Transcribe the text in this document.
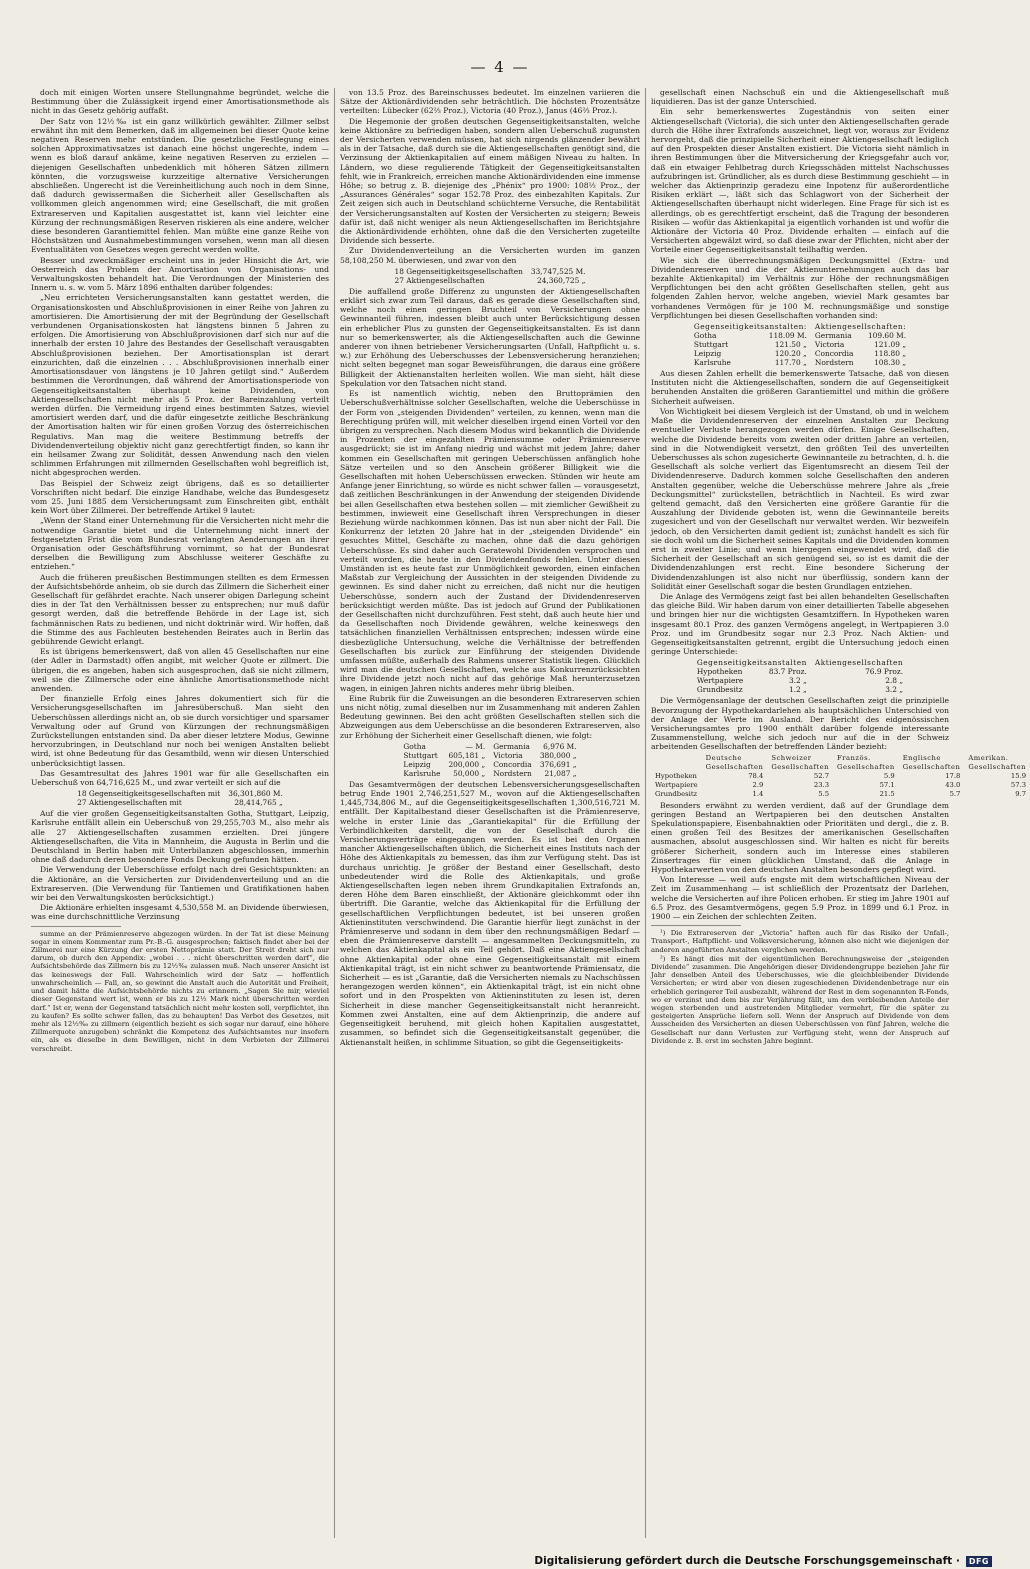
— 4 —

doch mit einigen Worten unsere Stellungnahme begründet, welche die Bestimmung über die Zulässigkeit irgend einer Amortisationsmethode als nicht in das Gesetz gehörig auffaßt.

Der Satz von 12½‰ ist ein ganz willkürlich gewählter. Zillmer selbst erwähnt ihn mit dem Bemerken, daß im allgemeinen bei dieser Quote keine negativen Reserven mehr entstünden. Die gesetzliche Festlegung eines solchen Approximativsatzes ist danach eine höchst ungerechte, indem — wenn es bloß darauf ankäme, keine negativen Reserven zu erzielen — diejenigen Gesellschaften unbedenklich mit höheren Sätzen zillmern könnten, die vorzugsweise kurzzeitige alternative Versicherungen abschließen. Ungerecht ist die Vereinheitlichung auch noch in dem Sinne, daß dadurch gewissermaßen die Sicherheit aller Gesellschaften als vollkommen gleich angenommen wird; eine Gesellschaft, die mit großen Extrareserven und Kapitalien ausgestattet ist, kann viel leichter eine Kürzung der rechnungsmäßigen Reserven riskieren als eine andere, welcher diese besonderen Garantiemittel fehlen. Man müßte eine ganze Reihe von Höchstsätzen und Ausnahmebestimmungen vorsehen, wenn man all diesen Eventualitäten von Gesetzes wegen gerecht werden wollte.

Besser und zweckmäßiger erscheint uns in jeder Hinsicht die Art, wie Oesterreich das Problem der Amortisation von Organisations- und Verwaltungskosten behandelt hat. Die Verordnungen der Ministerien des Innern u. s. w. vom 5. März 1896 enthalten darüber folgendes:

„Neu errichteten Versicherungsanstalten kann gestattet werden, die Organisationskosten und Abschlußprovisionen in einer Reihe von Jahren zu amortisieren. Die Amortisierung der mit der Begründung der Gesellschaft verbundenen Organisationskosten hat längstens binnen 5 Jahren zu erfolgen. Die Amortisierung von Abschlußprovisionen darf sich nur auf die innerhalb der ersten 10 Jahre des Bestandes der Gesellschaft verausgabten Abschlußprovisionen beziehen. Der Amortisationsplan ist derart einzurichten, daß die einzelnen . . . Abschlußprovisionen innerhalb einer Amortisationsdauer von längstens je 10 Jahren getilgt sind.“ Außerdem bestimmen die Verordnungen, daß während der Amortisationsperiode von Gegenseitigkeitsanstalten überhaupt keine Dividenden, von Aktiengesellschaften nicht mehr als 5 Proz. der Bareinzahlung verteilt werden dürfen. Die Vermeidung irgend eines bestimmten Satzes, wieviel amortisiert werden darf, und die dafür eingesetzte zeitliche Beschränkung der Amortisation halten wir für einen großen Vorzug des österreichischen Regulativs. Man mag die weitere Bestimmung betreffs der Dividendenverteilung objektiv nicht ganz gerechtfertigt finden, so kann ihr ein heilsamer Zwang zur Solidität, dessen Anwendung nach den vielen schlimmen Erfahrungen mit zillmernden Gesellschaften wohl begreiflich ist, nicht abgesprochen werden.

Das Beispiel der Schweiz zeigt übrigens, daß es so detaillierter Vorschriften nicht bedarf. Die einzige Handhabe, welche das Bundesgesetz vom 25. Juni 1885 dem Versicherungsamt zum Einschreiten gibt, enthält kein Wort über Zillmerei. Der betreffende Artikel 9 lautet:

„Wenn der Stand einer Unternehmung für die Versicherten nicht mehr die notwendige Garantie bietet und die Unternehmung nicht innert der festgesetzten Frist die vom Bundesrat verlangten Aenderungen an ihrer Organisation oder Geschäftsführung vornimmt, so hat der Bundesrat derselben die Bewilligung zum Abschlusse weiterer Geschäfte zu entziehen.“

Auch die früheren preußischen Bestimmungen stellten es dem Ermessen der Aufsichtsbehörde anheim, ob sie durch das Zillmern die Sicherheit einer Gesellschaft für gefährdet erachte. Nach unserer obigen Darlegung scheint dies in der Tat den Verhältnissen besser zu entsprechen; nur muß dafür gesorgt werden, daß die betreffende Behörde in der Lage ist, sich fachmännischen Rats zu bedienen, und nicht doktrinär wird. Wir hoffen, daß die Stimme des aus Fachleuten bestehenden Beirates auch in Berlin das gebührende Gewicht erlangt.

Es ist übrigens bemerkenswert, daß von allen 45 Gesellschaften nur eine (der Adler in Darmstadt) offen angibt, mit welcher Quote er zillmert. Die übrigen, die es angeben, haben sich ausgesprochen, daß sie nicht zillmern, weil sie die Zillmersche oder eine ähnliche Amortisationsmethode nicht anwenden.

Der finanzielle Erfolg eines Jahres dokumentiert sich für die Versicherungsgesellschaften im Jahresüberschuß. Man sieht den Ueberschüssen allerdings nicht an, ob sie durch vorsichtiger und sparsamer Verwaltung oder auf Grund von Kürzungen der rechnungsmäßigen Zurückstellungen entstanden sind. Da aber dieser letztere Modus, Gewinne hervorzubringen, in Deutschland nur noch bei wenigen Anstalten beliebt wird, ist ohne Bedeutung für das Gesamtbild, wenn wir diesen Unterschied unberücksichtigt lassen.

Das Gesamtresultat des Jahres 1901 war für alle Gesellschaften ein Ueberschuß von 64,716,625 M., und zwar verteilt er sich auf die

18 Gegenseitigkeitsgesellschaften mit	36,301,860 M.
27 Aktiengesellschaften mit	28,414,765 „

Auf die vier großen Gegenseitigkeitsanstalten Gotha, Stuttgart, Leipzig, Karlsruhe entfällt allein ein Ueberschuß von 29,255,703 M., also mehr als alle 27 Aktiengesellschaften zusammen erzielten. Drei jüngere Aktiengesellschaften, die Vita in Mannheim, die Augusta in Berlin und die Deutschland in Berlin haben mit Unterbilanzen abgeschlossen, immerhin ohne daß dadurch deren besondere Fonds Deckung gefunden hätten.

Die Verwendung der Ueberschüsse erfolgt nach drei Gesichtspunkten: an die Aktionäre, an die Versicherten zur Dividendenverteilung und an die Extrareserven. (Die Verwendung für Tantiemen und Gratifikationen haben wir bei den Verwaltungskosten berücksichtigt.)

Die Aktionäre erhielten insgesamt 4,530,558 M. an Dividende überwiesen, was eine durchschnittliche Verzinsung

summe an der Prämienreserve abgezogen würden. In der Tat ist diese Meinung sogar in einem Kommentar zum Pr.-B.-G. ausgesprochen; faktisch findet aber bei der Zillmerei nur eine Kürzung der ersten Nettoprämie statt. Der Streit dreht sich nur darum, ob durch den Appendix: „wobei . . . nicht überschritten werden darf“, die Aufsichtsbehörde das Zillmern bis zu 12½‰ zulassen muß. Nach unserer Ansicht ist das keineswegs der Fall. Wahrscheinlich wird der Satz — hoffentlich unwahrscheinlich — Fall, an, so gewinnt die Anstalt auch die Autorität und Freiheit, und damit hätte die Aufsichtsbehörde nichts zu erinnern. „Sagen Sie mir, wieviel dieser Gegenstand wert ist, wenn er bis zu 12½ Mark nicht überschritten werden darf.“ Ist er, wenn der Gegenstand tatsächlich nicht mehr kosten soll, verpflichtet, ihn zu kaufen? Es sollte schwer fallen, das zu behaupten! Das Verbot des Gesetzes, mit mehr als 12½‰ zu zillmern (eigentlich bezieht es sich sogar nur darauf, eine höhere Zillmerquote anzugeben) schränkt die Kompetenz des Aufsichtsamtes nur insofern ein, als es dieselbe in dem Bewilligen, nicht in dem Verbieten der Zillmerei verschreibt.

von 13.5 Proz. des Bareinschusses bedeutet. Im einzelnen variieren die Sätze der Aktionärdividenden sehr beträchtlich. Die höchsten Prozentsätze verteilten: Lübecker (62⅔ Proz.), Victoria (40 Proz.), Janus (46⅔ Proz.).

Die Hegemonie der großen deutschen Gegenseitigkeitsanstalten, welche keine Aktionäre zu befriedigen haben, sondern allen Ueberschuß zugunsten der Versicherten verwenden müssen, hat sich nirgends glänzender bewährt als in der Tatsache, daß durch sie die Aktiengesellschaften genötigt sind, die Verzinsung der Aktienkapitalien auf einem mäßigen Niveau zu halten. In Ländern, wo diese regulierende Tätigkeit der Gegenseitigkeitsanstalten fehlt, wie in Frankreich, erreichen manche Aktionärdividenden eine immense Höhe; so betrug z. B. diejenige des „Phénix“ pro 1900: 108½ Proz., der „Assurances Générales“ sogar 152.78 Proz. des einbezahlten Kapitals. Zur Zeit zeigen sich auch in Deutschland schüchterne Versuche, die Rentabilität der Versicherungsanstalten auf Kosten der Versicherten zu steigern; Beweis dafür ist, daß nicht weniger als neun Aktiengesellschaften im Berichtsjahre die Aktionärdividende erhöhten, ohne daß die den Versicherten zugeteilte Dividende sich besserte.

Zur Dividendenverteilung an die Versicherten wurden im ganzen 58,108,250 M. überwiesen, und zwar von den

18 Gegenseitigkeitsgesellschaften	33,747,525 M.
27 Aktiengesellschaften	24,360,725 „

Die auffallend große Differenz zu ungunsten der Aktiengesellschaften erklärt sich zwar zum Teil daraus, daß es gerade diese Gesellschaften sind, welche noch einen geringen Bruchteil von Versicherungen ohne Gewinnanteil führen, indessen bleibt auch unter Berücksichtigung dessen ein erheblicher Plus zu gunsten der Gegenseitigkeitsanstalten. Es ist dann nur so bemerkenswerter, als die Aktiengesellschaften auch die Gewinne anderer von ihnen betriebener Versicherungsarten (Unfall, Haftpflicht u. s. w.) zur Erhöhung des Ueberschusses der Lebensversicherung heranziehen; nicht selten begegnet man sogar Beweisführungen, die daraus eine größere Billigkeit der Aktienanstalten herleiten wollen. Wie man sieht, hält diese Spekulation vor den Tatsachen nicht stand.

Es ist namentlich wichtig, neben den Bruttoprämien den Ueberschußverhältnisse solcher Gesellschaften, welche die Ueberschüsse in der Form von „steigenden Dividenden“ verteilen, zu kennen, wenn man die Berechtigung prüfen will, mit welcher dieselben irgend einen Vorteil vor den übrigen zu versprechen. Nach diesem Modus wird bekanntlich die Dividende in Prozenten der eingezahlten Prämiensumme oder Prämienreserve ausgedrückt; sie ist im Anfang niedrig und wächst mit jedem Jahre; daher kommen ein Gesellschaften mit geringen Ueberschüssen anfänglich hohe Sätze verteilen und so den Anschein größerer Billigkeit wie die Gesellschaften mit hohen Ueberschüssen erwecken. Stünden wir heute am Anfange jener Einrichtung, so würde es nicht schwer fallen — vorausgesetzt, daß zeitlichen Beschränkungen in der Anwendung der steigenden Dividende bei allen Gesellschaften etwa bestehen sollen — mit ziemlicher Gewißheit zu bestimmen, inwieweit eine Gesellschaft ihren Versprechungen in dieser Beziehung würde nachkommen können. Das ist nun aber nicht der Fall. Die Konkurrenz der letzten 20 Jahre hat in der „steigenden Dividende“ ein gesuchtes Mittel, Geschäfte zu machen, ohne daß die dazu gehörigen Ueberschüsse. Es sind daher auch Geratewohl Dividenden versprochen und verteilt worden, die heute in den Dividendenfonds fehlen. Unter diesen Umständen ist es heute fast zur Unmöglichkeit geworden, einen einfachen Maßstab zur Vergleichung der Aussichten in der steigenden Dividende zu gewinnen. Es sind daher nicht zu erreichen, daß nicht nur die heutigen Ueberschüsse, sondern auch der Zustand der Dividendenreserven berücksichtigt werden müßte. Das ist jedoch auf Grund der Publikationen der Gesellschaften nicht durchzuführen. Fest steht, daß auch heute hier und da Gesellschaften noch Dividende gewähren, welche keineswegs den tatsächlichen finanziellen Verhältnissen entsprechen; indessen würde eine diesbezügliche Untersuchung, welche die Verhältnisse der betreffenden Gesellschaften bis zurück zur Einführung der steigenden Dividende umfassen müßte, außerhalb des Rahmens unserer Statistik liegen. Glücklich wird man die deutschen Gesellschaften, welche aus Konkurrenzrücksichten ihre Dividende jetzt noch nicht auf das gehörige Maß herunterzusetzen wagen, in einigen Jahren nichts anderes mehr übrig bleiben.

Eine Rubrik für die Zuweisungen an die besonderen Extrareserven schien uns nicht nötig, zumal dieselben nur im Zusammenhang mit anderen Zahlen Bedeutung gewinnen. Bei den acht größten Gesellschaften stellen sich die Abzweigungen aus dem Ueberschüsse an die besonderen Extrareserven, also zur Erhöhung der Sicherheit einer Gesellschaft dienen, wie folgt:

Gotha	— M.	Germania	6,976 M.
Stuttgart	605,181 „	Victoria	380,000 „
Leipzig	200,000 „	Concordia	376,691 „
Karlsruhe	50,000 „	Nordstern	21,087 „

Das Gesamtvermögen der deutschen Lebensversicherungsgesellschaften betrug Ende 1901 2,746,251,527 M., wovon auf die Aktiengesellschaften 1,445,734,806 M., auf die Gegenseitigkeitsgesellschaften 1,300,516,721 M. entfällt. Der Kapitalbestand dieser Gesellschaften ist die Prämienreserve, welche in erster Linie das „Garantiekapital“ für die Erfüllung der Verbindlichkeiten darstellt, die von der Gesellschaft durch die Versicherungsverträge eingegangen werden. Es ist bei den Organen mancher Aktiengesellschaften üblich, die Sicherheit eines Instituts nach der Höhe des Aktienkapitals zu bemessen, das ihm zur Verfügung steht. Das ist durchaus unrichtig. Je größer der Bestand einer Gesellschaft, desto unbedeutender wird die Rolle des Aktienkapitals, und große Aktiengesellschaften legen neben ihrem Grundkapitalien Extrafonds an, deren Höhe dem Baren einschließt, der Aktionäre gleichkommt oder ihn übertrifft. Die Garantie, welche das Aktienkapital für die Erfüllung der gesellschaftlichen Verpflichtungen bedeutet, ist bei unseren großen Aktieninstituten verschwindend. Die Garantie hierfür liegt zunächst in der Prämienreserve und sodann in dem über den rechnungsmäßigen Bedarf — eben die Prämienreserve darstellt — angesammelten Deckungsmitteln, zu welchen das Aktienkapital als ein Teil gehört. Daß eine Aktiengesellschaft ohne Aktienkapital oder ohne eine Gegenseitigkeitsanstalt mit einem Aktienkapital trägt, ist ein nicht schwer zu beantwortende Prämiensatz, die Sicherheit — es ist „Garantie, daß die Versicherten niemals zu Nachschüssen herangezogen werden können“, ein Aktienkapital trägt, ist ein nicht ohne sofort und in den Prospekten von Aktieninstituten zu lesen ist, deren Sicherheit in diese mancher Gegenseitigkeitsanstalt nicht heranreicht. Kommen zwei Anstalten, eine auf dem Aktienprinzip, die andere auf Gegenseitigkeit beruhend, mit gleich hohen Kapitalien ausgestattet, zusammen, so befindet sich die Gegenseitigkeitsanstalt gegenüber, die Aktienanstalt heißen, in schlimme Situation, so gibt die Gegenseitigkeits-

gesellschaft einen Nachschuß ein und die Aktiengesellschaft muß liquidieren. Das ist der ganze Unterschied.

Ein sehr bemerkenswertes Zugeständnis von seiten einer Aktiengesellschaft (Victoria), die sich unter den Aktiengesellschaften gerade durch die Höhe ihrer Extrafonds auszeichnet, liegt vor, woraus zur Evidenz hervorgeht, daß die prinzipielle Sicherheit einer Aktiengesellschaft lediglich auf den Prospekten dieser Anstalten existiert. Die Victoria sieht nämlich in ihren Bestimmungen über die Mitversicherung der Kriegsgefahr auch vor, daß ein etwaiger Fehlbetrag durch Kriegsschäden mittelst Nachschusses aufzubringen ist. Gründlicher, als es durch diese Bestimmung geschieht — in welcher das Aktienprinzip geradezu eine Inpotenz für außerordentliche Risiken erklärt —, läßt sich das Schlagwort von der Sicherheit der Aktiengesellschaften überhaupt nicht widerlegen. Eine Frage für sich ist es allerdings, ob es gerechtfertigt erscheint, daß die Tragung der besonderen Risiken — wofür das Aktienkapital ja eigentlich vorhanden ist und wofür die Aktionäre der Victoria 40 Proz. Dividende erhalten — einfach auf die Versicherten abgewälzt wird, so daß diese zwar der Pflichten, nicht aber der Vorteile einer Gegenseitigkeitsanstalt teilhaftig werden.

Wie sich die überrechnungsmäßigen Deckungsmittel (Extra- und Dividendenreserven und die der Aktienunternehmungen auch das bar bezahlte Aktienkapital) im Verhältnis zur Höhe der rechnungsmäßigen Verpflichtungen bei den acht größten Gesellschaften stellen, geht aus folgenden Zahlen hervor, welche angeben, wieviel Mark gesamtes bar vorhandenes Vermögen für je 100 M. rechnungsmäßige und sonstige Verpflichtungen bei diesen Gesellschaften vorhanden sind:

Gegenseitigkeitsanstalten:		Aktiengesellschaften:	
Gotha	118.09 M.	Germania	109.60 M.
Stuttgart	121.50 „	Victoria	121.09 „
Leipzig	120.20 „	Concordia	118.80 „
Karlsruhe	117.70 „	Nordstern	108.30 „

Aus diesen Zahlen erhellt die bemerkenswerte Tatsache, daß von diesen Instituten nicht die Aktiengesellschaften, sondern die auf Gegenseitigkeit beruhenden Anstalten die größeren Garantiemittel und mithin die größere Sicherheit aufweisen.

Von Wichtigkeit bei diesem Vergleich ist der Umstand, ob und in welchem Maße die Dividendenreserven der einzelnen Anstalten zur Deckung eventueller Verluste herangezogen werden dürfen. Einige Gesellschaften, welche die Dividende bereits vom zweiten oder dritten Jahre an verteilen, sind in die Notwendigkeit versetzt, den größten Teil des unverteilten Ueberschusses als schon zugesicherte Gewinnanteile zu betrachten, d. h. die Gesellschaft als solche verliert das Eigentumsrecht an diesem Teil der Dividendenreserve. Dadurch kommen solche Gesellschaften den anderen Anstalten gegenüber, welche die Ueberschüsse mehrere Jahre als „freie Deckungsmittel“ zurückstellen, beträchtlich in Nachteil. Es wird zwar geltend gemacht, daß den Versicherten eine größere Garantie für die Auszahlung der Dividende geboten ist, wenn die Gewinnanteile bereits zugesichert und von der Gesellschaft nur verwaltet werden. Wir bezweifeln jedoch, ob den Versicherten damit gedient ist; zunächst handelt es sich für sie doch wohl um die Sicherheit seines Kapitals und die Dividenden kommen erst in zweiter Linie; und wenn hiergegen eingewendet wird, daß die Sicherheit der Gesellschaft an sich genügend sei, so ist es damit die der Dividendenzahlungen erst recht. Eine besondere Sicherung der Dividendenzahlungen ist also nicht nur überflüssig, sondern kann der Solidität einer Gesellschaft sogar die besten Grundlagen entziehen.

Die Anlage des Vermögens zeigt fast bei allen behandelten Gesellschaften das gleiche Bild. Wir haben darum von einer detaillierten Tabelle abgesehen und bringen hier nur die wichtigsten Gesamtziffern. In Hypotheken waren insgesamt 80.1 Proz. des ganzen Vermögens angelegt, in Wertpapieren 3.0 Proz. und im Grundbesitz sogar nur 2.3 Proz. Nach Aktien- und Gegenseitigkeitsanstalten getrennt, ergibt die Untersuchung jedoch einen geringe Unterschiede:

Gegenseitigkeitsanstalten		Aktiengesellschaften
Hypotheken	83.7 Proz.	76.9 Proz.
Wertpapiere	3.2 „	2.8 „
Grundbesitz	1.2 „	3.2 „

Die Vermögensanlage der deutschen Gesellschaften zeigt die prinzipielle Bevorzugung der Hypothekardarlehen als hauptsächlichen Unterschied von der Anlage der Werte im Ausland. Der Bericht des eidgenössischen Versicherungsamtes pro 1900 enthält darüber folgende interessante Zusammenstellung, welche sich jedoch nur auf die in der Schweiz arbeitenden Gesellschaften der betreffenden Länder bezieht:

	Deutsche Gesellschaften	Schweizer Gesellschaften	Französ. Gesellschaften	Englische Gesellschaften	Amerikan. Gesellschaften
Hypotheken	78.4	52.7	5.9	17.8	15.9
Wertpapiere	2.9	23.3	57.1	43.0	57.3
Grundbesitz	1.4	5.5	21.5	5.7	9.7

Besonders erwähnt zu werden verdient, daß auf der Grundlage dem geringen Bestand an Wertpapieren bei den deutschen Anstalten Spekulationspapiere, Eisenbahnaktien oder Prioritäten und dergl., die z. B. einen großen Teil des Besitzes der amerikanischen Gesellschaften ausmachen, absolut ausgeschlossen sind. Wir halten es nicht für bereits größerer Sicherheit, sondern auch im Interesse eines stabileren Zinsertrages für einen glücklichen Umstand, daß die Anlage in Hypothekarwerten von den deutschen Anstalten besonders gepflegt wird.

Von Interesse — weil aufs engste mit dem wirtschaftlichen Niveau der Zeit im Zusammenhang — ist schließlich der Prozentsatz der Darlehen, welche die Versicherten auf ihre Policen erhoben. Er stieg im Jahre 1901 auf 6.5 Proz. des Gesamtvermögens, gegen 5.9 Proz. in 1899 und 6.1 Proz. in 1900 — ein Zeichen der schlechten Zeiten.

¹) Die Extrareserven der „Victoria“ haften auch für das Risiko der Unfall-, Transport-, Haftpflicht- und Volksversicherung, können also nicht wie diejenigen der anderen angeführten Anstalten verglichen werden.

²) Es hängt dies mit der eigentümlichen Berechnungsweise der „steigenden Dividende“ zusammen. Die Angehörigen dieser Dividendengruppe beziehen Jahr für Jahr denselben Anteil des Ueberschusses, wie die gleichbleibender Dividende Versicherten; er wird aber von diesen zugeschiedenen Dividendenbetrage nur ein erheblich geringerer Teil ausbezahlt, während der Rest in dem sogenannten R-Fonds, wo er verzinst und dem bis zur Verjährung fällt, um den verbleibenden Anteile der wegen sterbenden und austretenden Mitglieder vermehrt, für die später zu gesteigerten Ansprüche liefern soll. Wenn der Anspruch auf Dividende von dem Ausscheiden des Versicherten an diesen Ueberschüssen von fünf Jahren, welche die Gesellschaft nur dann Verlusten zur Verfügung steht, wenn der Anspruch auf Dividende z. B. erst im sechsten Jahre beginnt.

Digitalisierung gefördert durch die Deutsche Forschungsgemeinschaft ·	DFG
